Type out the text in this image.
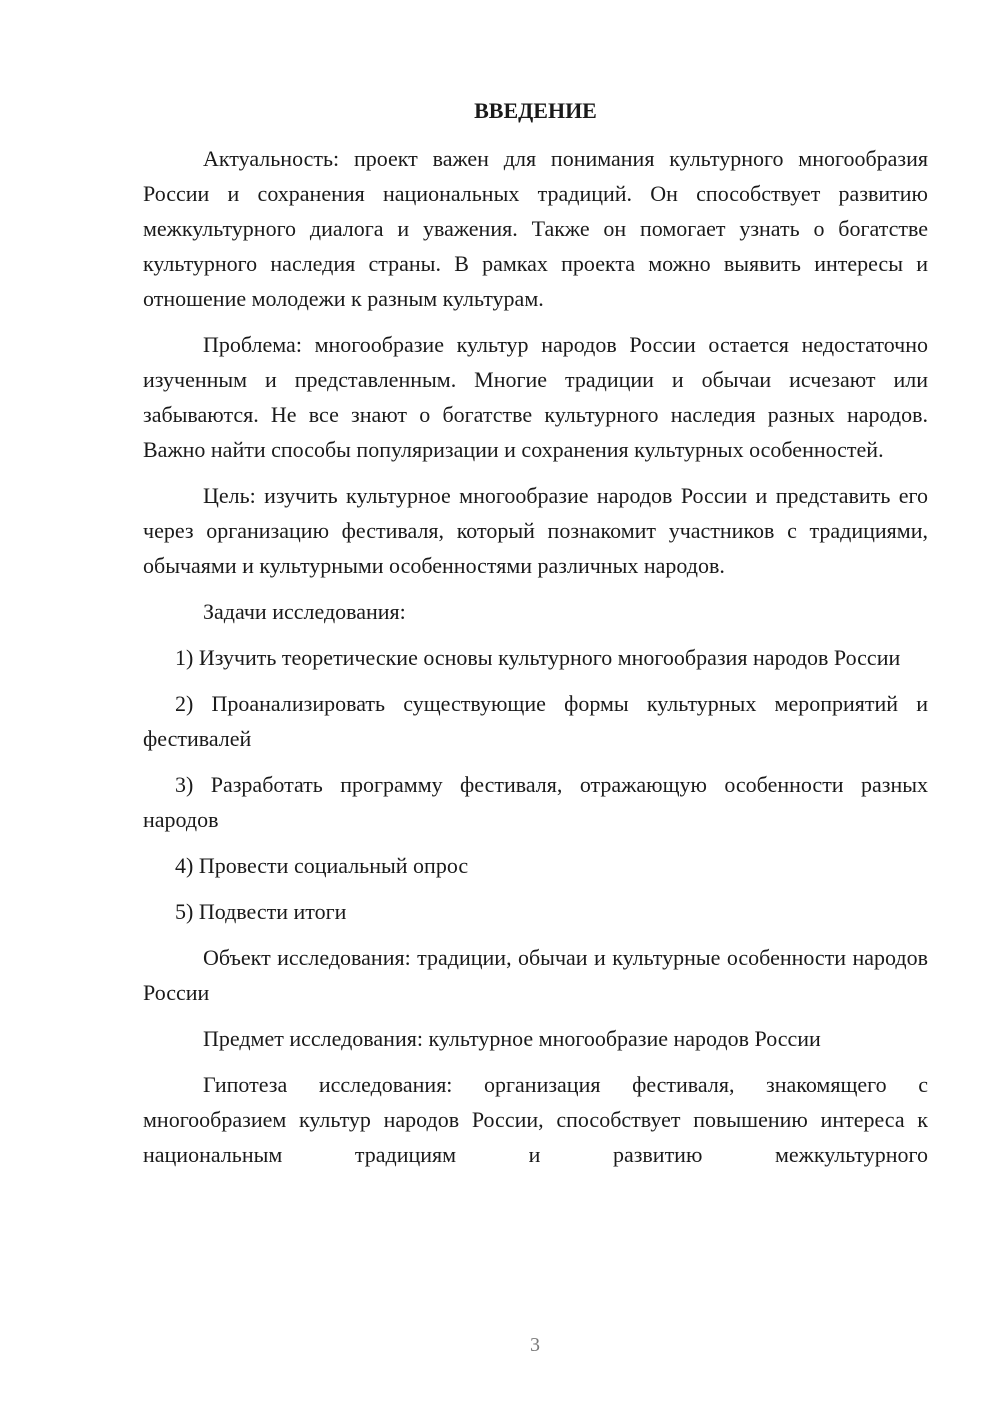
ВВЕДЕНИЕ

Актуальность: проект важен для понимания культурного многообразия России и сохранения национальных традиций. Он способствует развитию межкультурного диалога и уважения. Также он помогает узнать о богатстве культурного наследия страны. В рамках проекта можно выявить интересы и отношение молодежи к разным культурам.

Проблема: многообразие культур народов России остается недостаточно изученным и представленным. Многие традиции и обычаи исчезают или забываются. Не все знают о богатстве культурного наследия разных народов. Важно найти способы популяризации и сохранения культурных особенностей.

Цель: изучить культурное многообразие народов России и представить его через организацию фестиваля, который познакомит участников с традициями, обычаями и культурными особенностями различных народов.

Задачи исследования:

1) Изучить теоретические основы культурного многообразия народов России

2) Проанализировать существующие формы культурных мероприятий и фестивалей

3) Разработать программу фестиваля, отражающую особенности разных народов

4) Провести социальный опрос

5) Подвести итоги

Объект исследования: традиции, обычаи и культурные особенности народов России

Предмет исследования: культурное многообразие народов России

Гипотеза исследования: организация фестиваля, знакомящего с многообразием культур народов России, способствует повышению интереса к национальным традициям и развитию межкультурного

3
